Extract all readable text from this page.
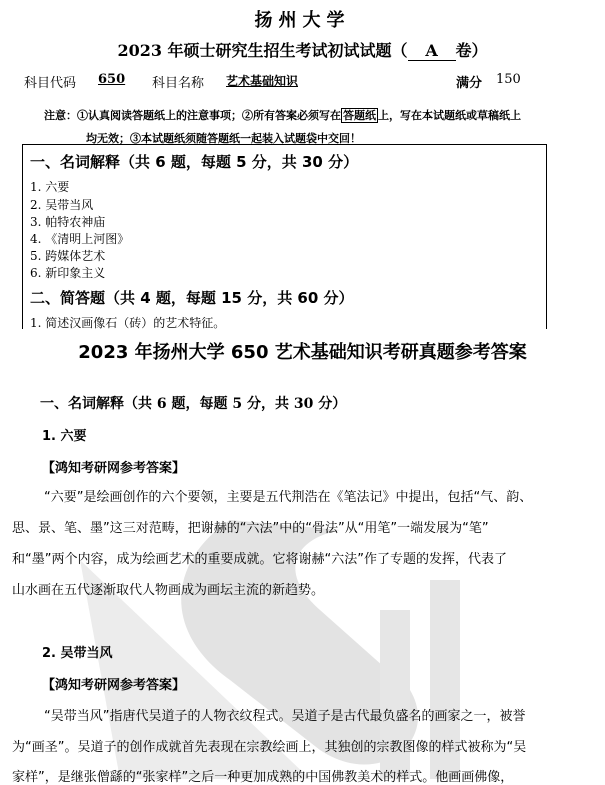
扬州大学
2023 年硕士研究生招生考试初试试题（ A 卷）
科目代码 650 科目名称 艺术基础知识	满分 150
注意：①认真阅读答题纸上的注意事项；②所有答案必须写在 答题纸 上，写在本试题纸或草稿纸上
均无效；③本试题纸须随答题纸一起装入试题袋中交回！
一、名词解释（共 6 题，每题 5 分，共 30 分）
1. 六要
2. 吴带当风
3. 帕特农神庙
4. 《清明上河图》
5. 跨媒体艺术
6. 新印象主义
二、简答题（共 4 题，每题 15 分，共 60 分）
1. 简述汉画像石（砖）的艺术特征。
2023 年扬州大学 650 艺术基础知识考研真题参考答案
一、名词解释（共 6 题，每题 5 分，共 30 分）
1. 六要
【鸿知考研网参考答案】
“六要”是绘画创作的六个要领，主要是五代荆浩在《笔法记》中提出，包括“气、韵、
思、景、笔、墨”这三对范畴，把谢赫的“六法”中的“骨法”从“用笔”一端发展为“笔”
和“墨”两个内容，成为绘画艺术的重要成就。它将谢赫“六法”作了专题的发挥，代表了
山水画在五代逐渐取代人物画成为画坛主流的新趋势。
2. 吴带当风
【鸿知考研网参考答案】
“吴带当风”指唐代吴道子的人物衣纹程式。吴道子是古代最负盛名的画家之一，被誉
为“画圣”。吴道子的创作成就首先表现在宗教绘画上，其独创的宗教图像的样式被称为“吴
家样”，是继张僧繇的“张家样”之后一种更加成熟的中国佛教美术的样式。他画画佛像，
